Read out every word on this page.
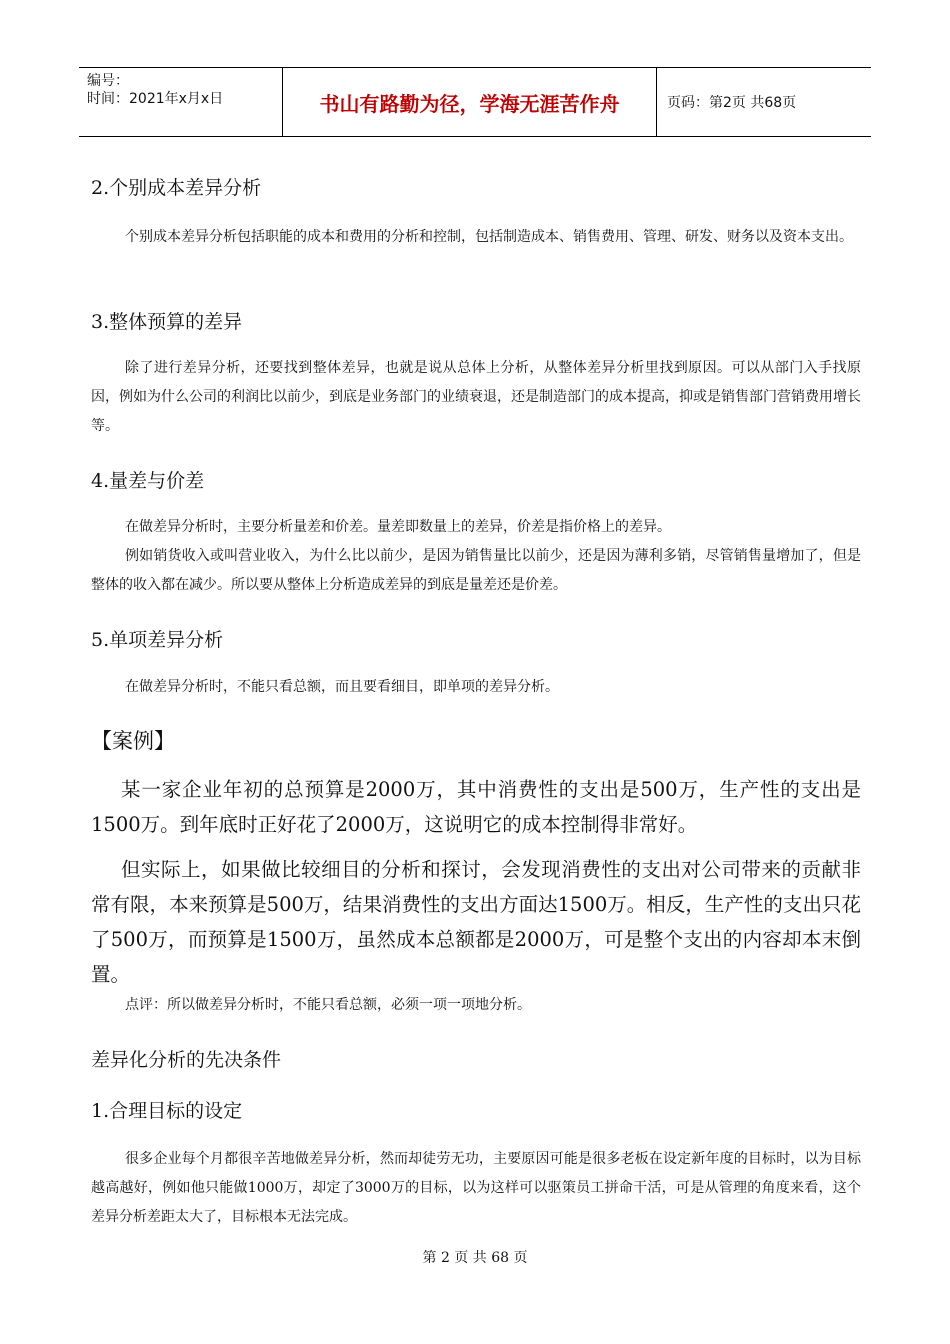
编号：
时间：2021年x月x日	书山有路勤为径，学海无涯苦作舟	页码：第2页 共68页
2.个别成本差异分析

个别成本差异分析包括职能的成本和费用的分析和控制，包括制造成本、销售费用、管理、研发、财务以及资本支出。

3.整体预算的差异

除了进行差异分析，还要找到整体差异，也就是说从总体上分析，从整体差异分析里找到原因。可以从部门入手找原因，例如为什么公司的利润比以前少，到底是业务部门的业绩衰退，还是制造部门的成本提高，抑或是销售部门营销费用增长等。

4.量差与价差

在做差异分析时，主要分析量差和价差。量差即数量上的差异，价差是指价格上的差异。

例如销货收入或叫营业收入，为什么比以前少，是因为销售量比以前少，还是因为薄利多销，尽管销售量增加了，但是整体的收入都在减少。所以要从整体上分析造成差异的到底是量差还是价差。

5.单项差异分析

在做差异分析时，不能只看总额，而且要看细目，即单项的差异分析。

【案例】

某一家企业年初的总预算是2000万，其中消费性的支出是500万，生产性的支出是1500万。到年底时正好花了2000万，这说明它的成本控制得非常好。

但实际上，如果做比较细目的分析和探讨，会发现消费性的支出对公司带来的贡献非常有限，本来预算是500万，结果消费性的支出方面达1500万。相反，生产性的支出只花了500万，而预算是1500万，虽然成本总额都是2000万，可是整个支出的内容却本末倒置。

点评：所以做差异分析时，不能只看总额，必须一项一项地分析。

差异化分析的先决条件
1.合理目标的设定

很多企业每个月都很辛苦地做差异分析，然而却徒劳无功，主要原因可能是很多老板在设定新年度的目标时，以为目标越高越好，例如他只能做1000万，却定了3000万的目标，以为这样可以驱策员工拼命干活，可是从管理的角度来看，这个差异分析差距太大了，目标根本无法完成。

第 2 页 共 68 页
